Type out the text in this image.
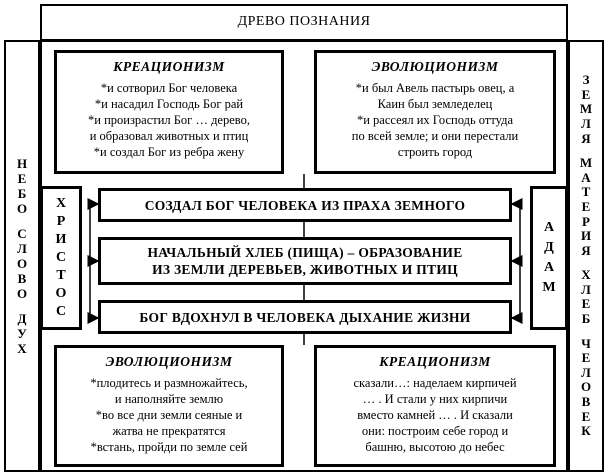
ДРЕВО ПОЗНАНИЯ
Н
Е
Б
О
С
Л
О
В
О
Д
У
Х
З
Е
М
Л
Я
М
А
Т
Е
Р
И
Я
Х
Л
Е
Б
Ч
Е
Л
О
В
Е
К
КРЕАЦИОНИЗМ

*и сотворил Бог человека

*и насадил Господь Бог рай

*и произрастил Бог … дерево,

и образовал животных и птиц

*и создал Бог из ребра жену

ЭВОЛЮЦИОНИЗМ

*и был Авель пастырь овец, а

Каин был земледелец

*и рассеял их Господь оттуда

по всей земле; и они перестали

строить город

ЭВОЛЮЦИОНИЗМ

*плодитесь и размножайтесь,

и наполняйте землю

*во все дни земли сеяные и

жатва не прекратятся

*встань, пройди по земле сей

КРЕАЦИОНИЗМ

сказали…: наделаем кирпичей

… . И стали у них кирпичи

вместо камней … . И сказали

они: построим себе город и

башню, высотою до небес

Х
Р
И
С
Т
О
С
А
Д
А
М
СОЗДАЛ БОГ ЧЕЛОВЕКА ИЗ ПРАХА ЗЕМНОГО
НАЧАЛЬНЫЙ ХЛЕБ (ПИЩА) – ОБРАЗОВАНИЕ
ИЗ ЗЕМЛИ ДЕРЕВЬЕВ, ЖИВОТНЫХ И ПТИЦ
БОГ ВДОХНУЛ В ЧЕЛОВЕКА ДЫХАНИЕ ЖИЗНИ
